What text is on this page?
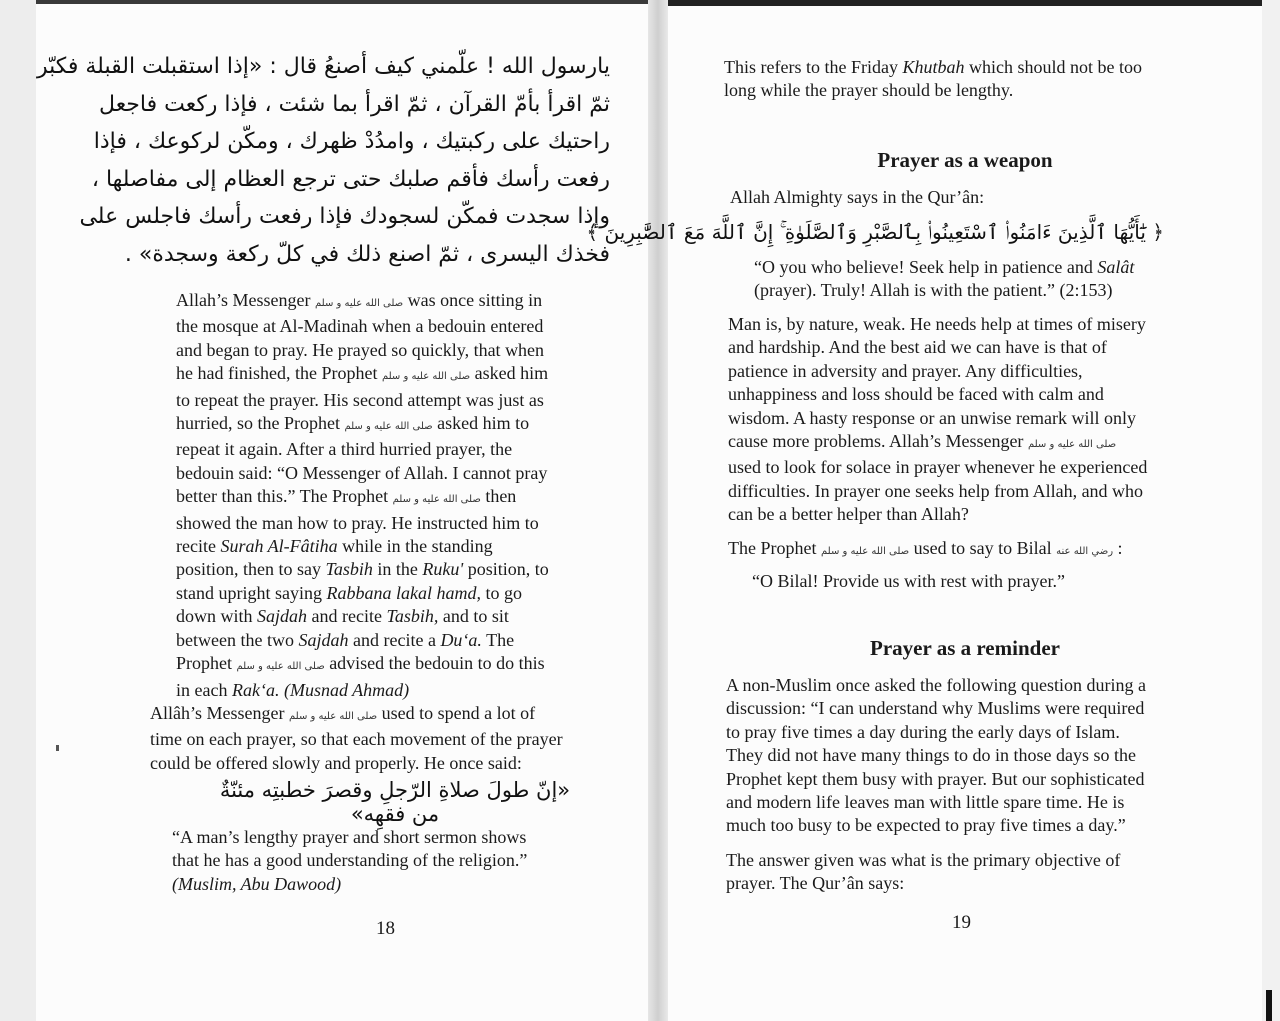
يارسول الله ! علّمني كيف أصنعُ قال : «إذا استقبلت القبلة فكبّر
ثمّ اقرأ بأمّ القرآن ، ثمّ اقرأ بما شئت ، فإذا ركعت فاجعل
راحتيك على ركبتيك ، وامدُدْ ظهرك ، ومكّن لركوعك ، فإذا
رفعت رأسك فأقم صلبك حتى ترجع العظام إلى مفاصلها ،
وإذا سجدت فمكّن لسجودك فإذا رفعت رأسك فاجلس على
فخذك اليسرى ، ثمّ اصنع ذلك في كلّ ركعة وسجدة» .
Allah’s Messenger صلى الله عليه و سلم was once sitting in
the mosque at Al-Madinah when a bedouin entered
and began to pray. He prayed so quickly, that when
he had finished, the Prophet صلى الله عليه و سلم asked him
to repeat the prayer. His second attempt was just as
hurried, so the Prophet صلى الله عليه و سلم asked him to
repeat it again. After a third hurried prayer, the
bedouin said: “O Messenger of Allah. I cannot pray
better than this.” The Prophet صلى الله عليه و سلم then
showed the man how to pray. He instructed him to
recite Surah Al-Fâtiha while in the standing
position, then to say Tasbih in the Ruku' position, to
stand upright saying Rabbana lakal hamd, to go
down with Sajdah and recite Tasbih, and to sit
between the two Sajdah and recite a Du‘a. The
Prophet صلى الله عليه و سلم advised the bedouin to do this
in each Rak‘a. (Musnad Ahmad)
Allâh’s Messenger صلى الله عليه و سلم used to spend a lot of
time on each prayer, so that each movement of the prayer
could be offered slowly and properly. He once said:
«إنّ طولَ صلاةِ الرّجلِ وقصرَ خطبتِه مئنّةٌ من فقهِه»
“A man’s lengthy prayer and short sermon shows
that he has a good understanding of the religion.”
(Muslim, Abu Dawood)
18
This refers to the Friday Khutbah which should not be too
long while the prayer should be lengthy.
Prayer as a weapon
Allah Almighty says in the Qur’ân:
﴿ يَٰٓأَيُّهَا ٱلَّذِينَ ءَامَنُوا۟ ٱسْتَعِينُوا۟ بِٱلصَّبْرِ وَٱلصَّلَوٰةِ ۚ إِنَّ ٱللَّهَ مَعَ ٱلصَّٰبِرِينَ ﴾
“O you who believe! Seek help in patience and Salât
(prayer). Truly! Allah is with the patient.” (2:153)
Man is, by nature, weak. He needs help at times of misery
and hardship. And the best aid we can have is that of
patience in adversity and prayer. Any difficulties,
unhappiness and loss should be faced with calm and
wisdom. A hasty response or an unwise remark will only
cause more problems. Allah’s Messenger صلى الله عليه و سلم
used to look for solace in prayer whenever he experienced
difficulties. In prayer one seeks help from Allah, and who
can be a better helper than Allah?
The Prophet صلى الله عليه و سلم used to say to Bilal رضي الله عنه :
“O Bilal! Provide us with rest with prayer.”
Prayer as a reminder
A non-Muslim once asked the following question during a
discussion: “I can understand why Muslims were required
to pray five times a day during the early days of Islam.
They did not have many things to do in those days so the
Prophet kept them busy with prayer. But our sophisticated
and modern life leaves man with little spare time. He is
much too busy to be expected to pray five times a day.”
The answer given was what is the primary objective of
prayer. The Qur’ân says:
19
